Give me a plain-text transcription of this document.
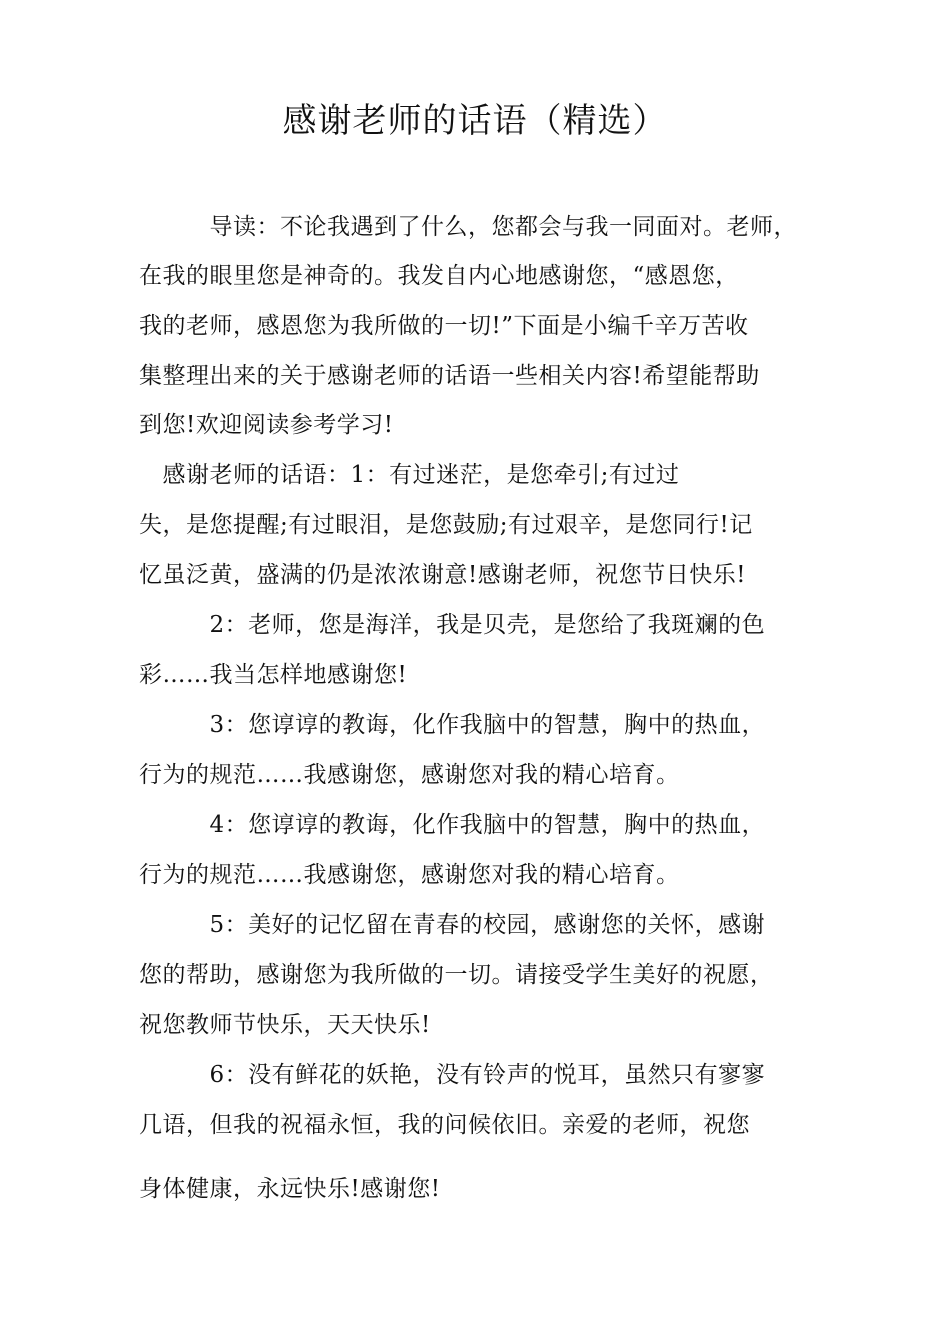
感谢老师的话语（精选）
　　　导读：不论我遇到了什么，您都会与我一同面对。老师，
在我的眼里您是神奇的。我发自内心地感谢您，“感恩您，
我的老师，感恩您为我所做的一切!”下面是小编千辛万苦收
集整理出来的关于感谢老师的话语一些相关内容!希望能帮助
到您!欢迎阅读参考学习!
　感谢老师的话语：1：有过迷茫，是您牵引;有过过
失，是您提醒;有过眼泪，是您鼓励;有过艰辛，是您同行!记
忆虽泛黄，盛满的仍是浓浓谢意!感谢老师，祝您节日快乐!
　　　2：老师，您是海洋，我是贝壳，是您给了我斑斓的色
彩……我当怎样地感谢您!
　　　3：您谆谆的教诲，化作我脑中的智慧，胸中的热血，
行为的规范……我感谢您，感谢您对我的精心培育。
　　　4：您谆谆的教诲，化作我脑中的智慧，胸中的热血，
行为的规范……我感谢您，感谢您对我的精心培育。
　　　5：美好的记忆留在青春的校园，感谢您的关怀，感谢
您的帮助，感谢您为我所做的一切。请接受学生美好的祝愿，
祝您教师节快乐，天天快乐!
　　　6：没有鲜花的妖艳，没有铃声的悦耳，虽然只有寥寥
几语，但我的祝福永恒，我的问候依旧。亲爱的老师，祝您
身体健康，永远快乐!感谢您!
